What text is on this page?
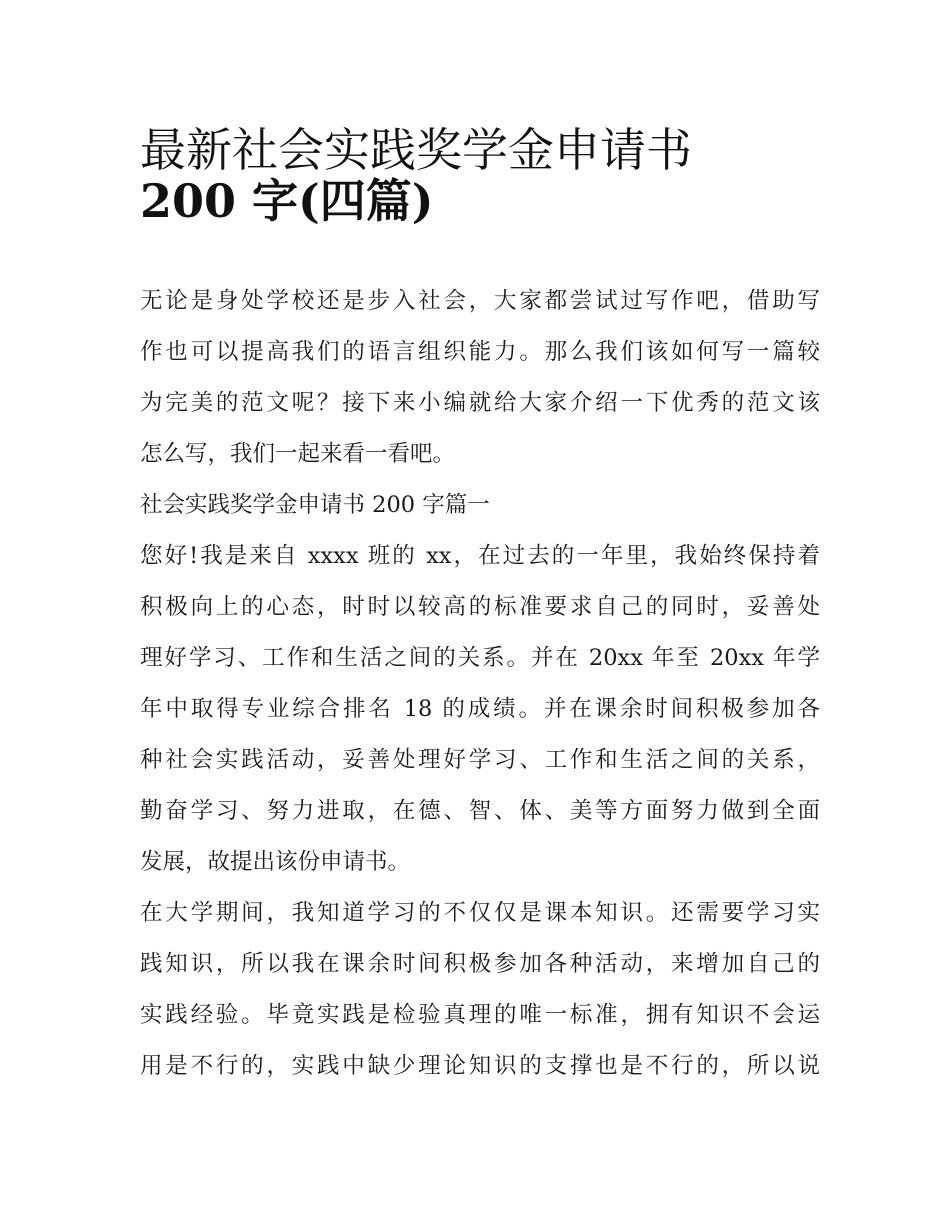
最新社会实践奖学金申请书
200 字(四篇)
无论是身处学校还是步入社会，大家都尝试过写作吧，借助写
作也可以提高我们的语言组织能力。那么我们该如何写一篇较
为完美的范文呢？接下来小编就给大家介绍一下优秀的范文该
怎么写，我们一起来看一看吧。
社会实践奖学金申请书 200 字篇一
您好!我是来自 xxxx 班的 xx，在过去的一年里，我始终保持着
积极向上的心态，时时以较高的标准要求自己的同时，妥善处
理好学习、工作和生活之间的关系。并在 20xx 年至 20xx 年学
年中取得专业综合排名 18 的成绩。并在课余时间积极参加各
种社会实践活动，妥善处理好学习、工作和生活之间的关系，
勤奋学习、努力进取，在德、智、体、美等方面努力做到全面
发展，故提出该份申请书。
在大学期间，我知道学习的不仅仅是课本知识。还需要学习实
践知识，所以我在课余时间积极参加各种活动，来增加自己的
实践经验。毕竟实践是检验真理的唯一标准，拥有知识不会运
用是不行的，实践中缺少理论知识的支撑也是不行的，所以说
